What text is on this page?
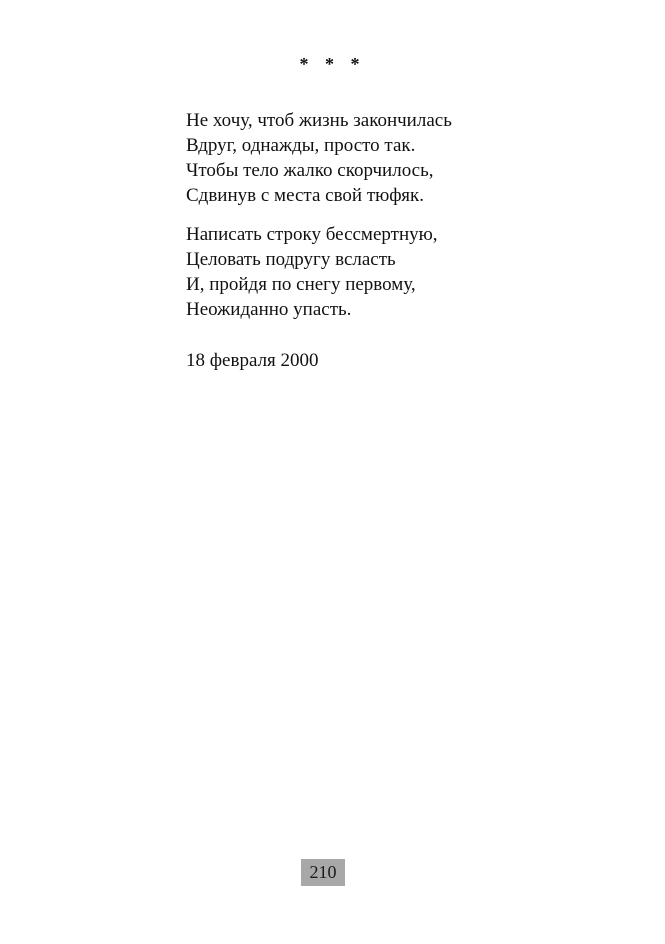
* * *
Не хочу, чтоб жизнь закончилась
Вдруг, однажды, просто так.
Чтобы тело жалко скорчилось,
Сдвинув с места свой тюфяк.
Написать строку бессмертную,
Целовать подругу всласть
И, пройдя по снегу первому,
Неожиданно упасть.
18 февраля 2000
210
